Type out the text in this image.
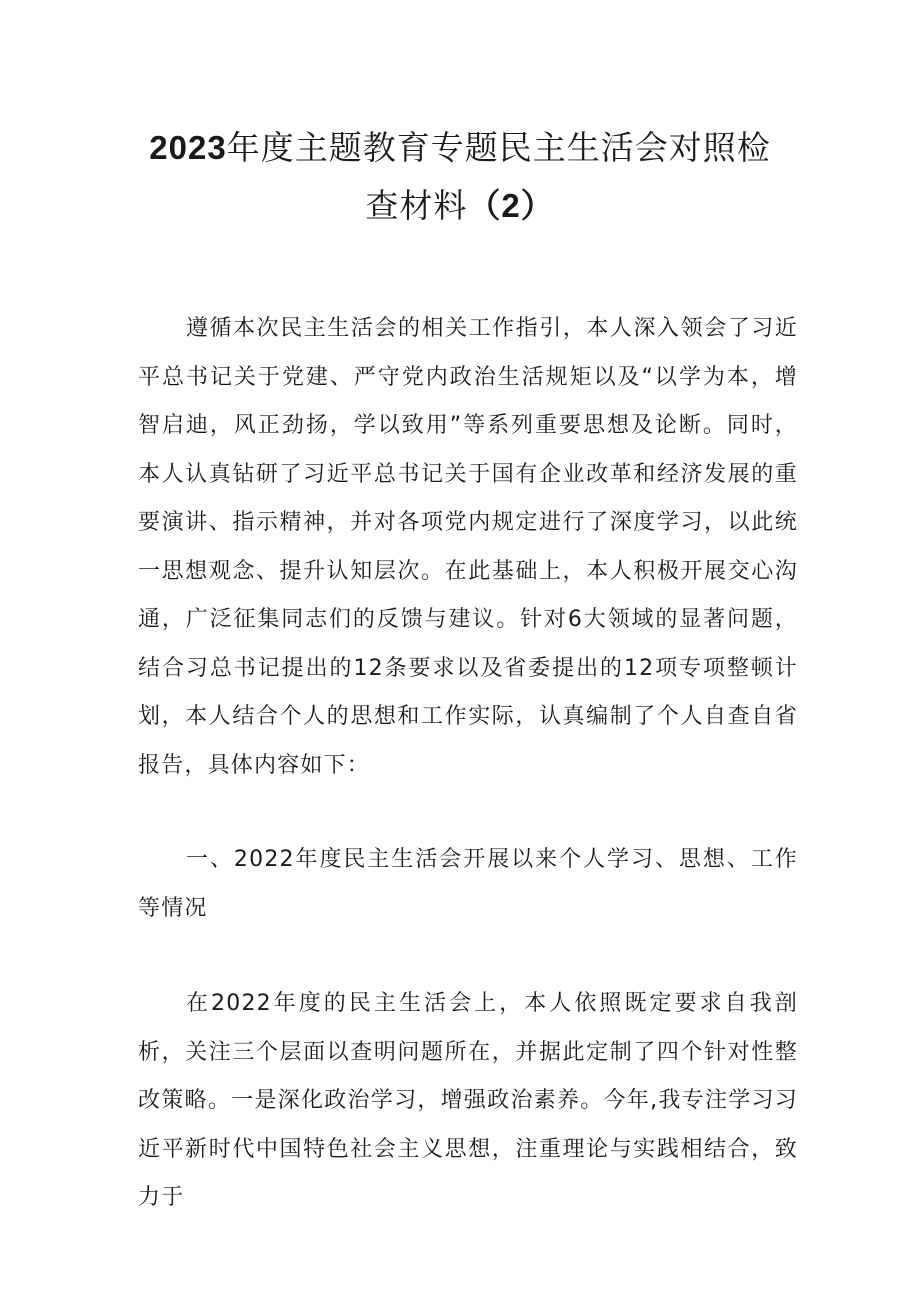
2023年度主题教育专题民主生活会对照检
查材料（2）

遵循本次民主生活会的相关工作指引，本人深入领会了习近平总书记关于党建、严守党内政治生活规矩以及“以学为本，增智启迪，风正劲扬，学以致用”等系列重要思想及论断。同时，本人认真钻研了习近平总书记关于国有企业改革和经济发展的重要演讲、指示精神，并对各项党内规定进行了深度学习，以此统一思想观念、提升认知层次。在此基础上，本人积极开展交心沟通，广泛征集同志们的反馈与建议。针对6大领域的显著问题，结合习总书记提出的12条要求以及省委提出的12项专项整顿计划，本人结合个人的思想和工作实际，认真编制了个人自查自省报告，具体内容如下：

一、2022年度民主生活会开展以来个人学习、思想、工作等情况

在2022年度的民主生活会上，本人依照既定要求自我剖析，关注三个层面以查明问题所在，并据此定制了四个针对性整改策略。一是深化政治学习，增强政治素养。今年,我专注学习习近平新时代中国特色社会主义思想，注重理论与实践相结合，致力于
